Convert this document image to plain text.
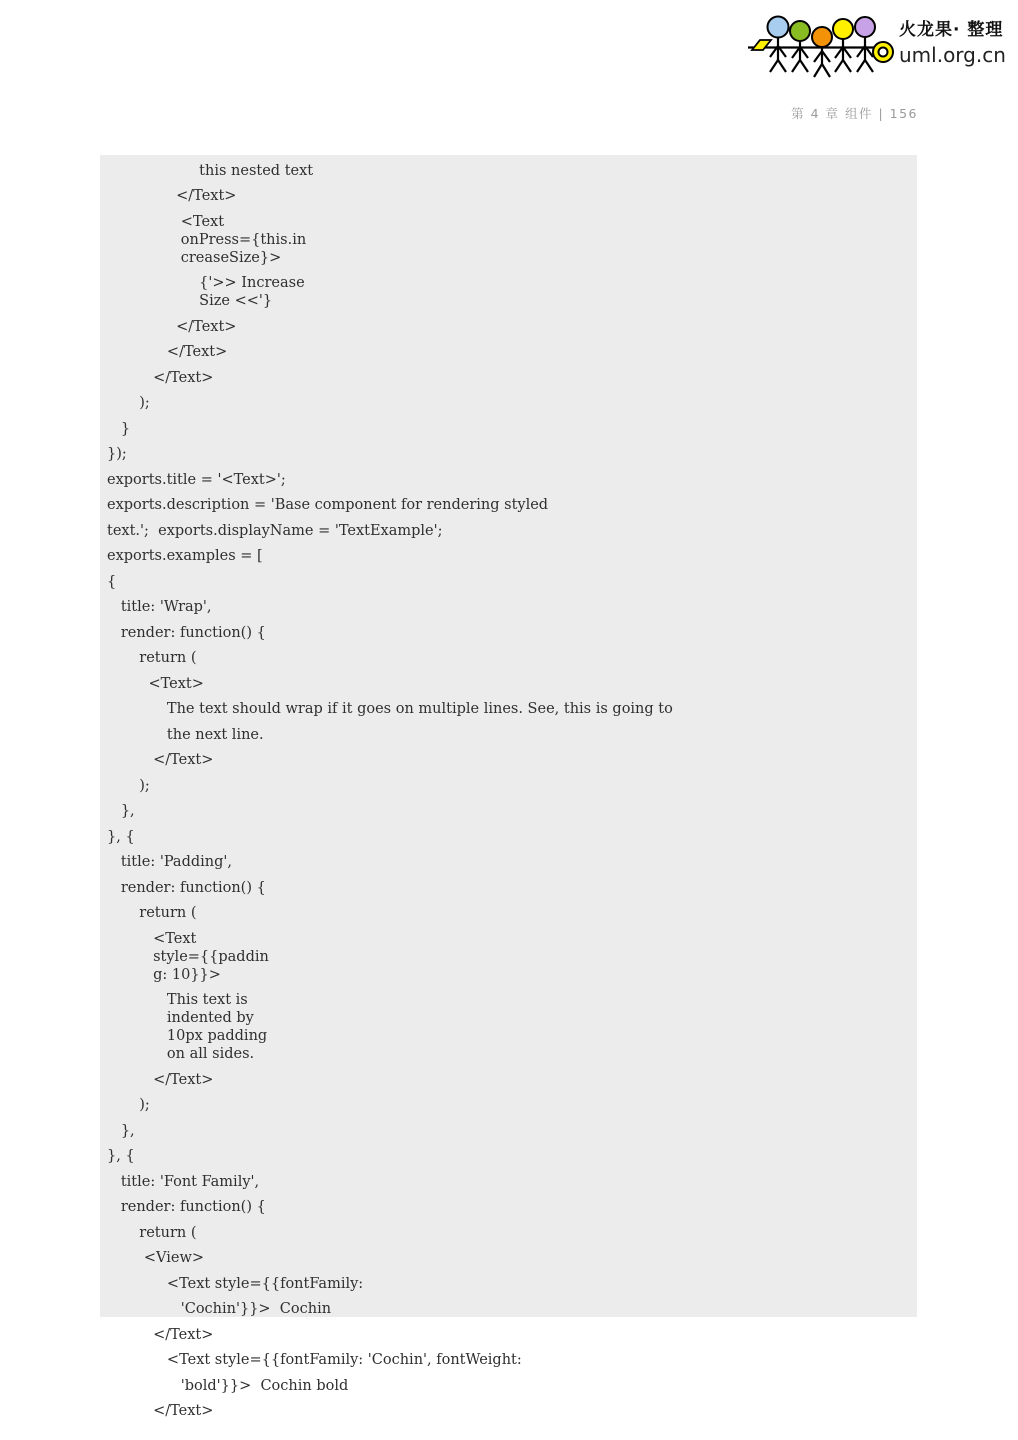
火龙果· 整理
uml.org.cn
第 4 章 组件 | 156
this nested text
</Text>
<Text
onPress={this.in
creaseSize}>
{'>> Increase
Size <<'}
</Text>
</Text>
</Text>
);
}
});
exports.title = '<Text>';
exports.description = 'Base component for rendering styled
text.';  exports.displayName = 'TextExample';
exports.examples = [
{
title: 'Wrap',
render: function() {
return (
<Text>
The text should wrap if it goes on multiple lines. See, this is going to
the next line.
</Text>
);
},
}, {
title: 'Padding',
render: function() {
return (
<Text
style={{paddin
g: 10}}>
This text is
indented by
10px padding
on all sides.
</Text>
);
},
}, {
title: 'Font Family',
render: function() {
return (
<View>
<Text style={{fontFamily:
'Cochin'}}>  Cochin
</Text>
<Text style={{fontFamily: 'Cochin', fontWeight:
'bold'}}>  Cochin bold
</Text>
